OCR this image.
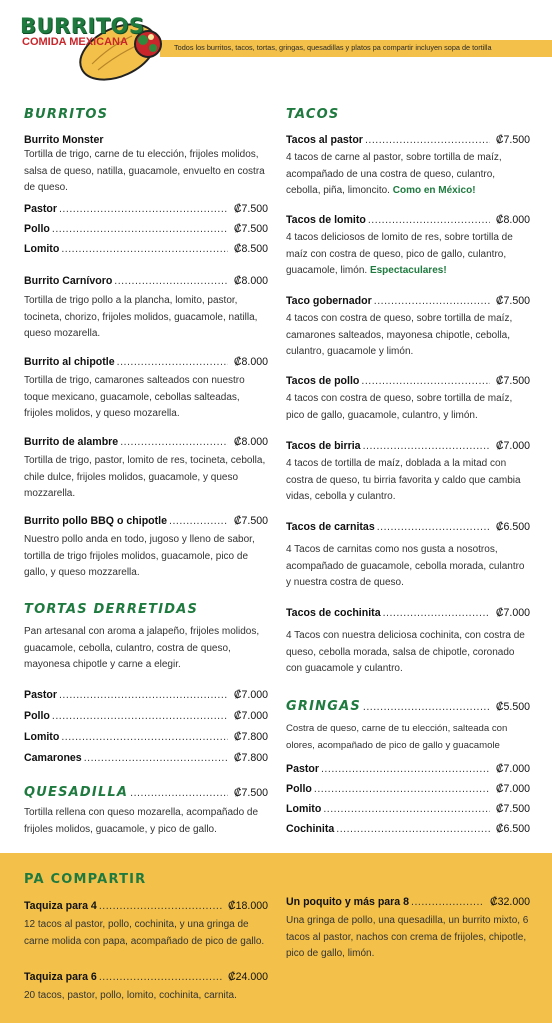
Todos los burritos, tacos, tortas, gringas, quesadillas y platos pa compartir incluyen sopa de tortilla
BURRITOS
COMIDA MEXICANA
BURRITOS
Burrito Monster

Tortilla de trigo, carne de tu elección, frijoles molidos, salsa de queso, natilla, guacamole, envuelto en costra de queso.

Pastor .....	₡7.500
Pollo .....	₡7.500
Lomito .....	₡8.500
Burrito Carnívoro .....	₡8.000

Tortilla de trigo pollo a la plancha, lomito, pastor, tocineta, chorizo, frijoles molidos, guacamole, natilla, queso mozarella.

Burrito al chipotle .....	₡8.000

Tortilla de trigo, camarones salteados con nuestro toque mexicano, guacamole, cebollas salteadas, frijoles molidos, y queso mozarella.

Burrito de alambre .....	₡8.000

Tortilla de trigo, pastor, lomito de res, tocineta, cebolla, chile dulce, frijoles molidos, guacamole, y queso mozzarella.

Burrito pollo BBQ o chipotle .....	₡7.500

Nuestro pollo anda en todo, jugoso y lleno de sabor, tortilla de trigo frijoles molidos, guacamole, pico de gallo, y queso mozzarella.

TORTAS DERRETIDAS

Pan artesanal con aroma a jalapeño, frijoles molidos, guacamole, cebolla, culantro, costra de queso, mayonesa chipotle y carne a elegir.

Pastor .....	₡7.000
Pollo .....	₡7.000
Lomito .....	₡7.800
Camarones .....	₡7.800
QUESADILLA .....	₡7.500

Tortilla rellena con queso mozarella, acompañado de frijoles molidos, guacamole, y pico de gallo.

TACOS
Tacos al pastor .....	₡7.500

4 tacos de carne al pastor, sobre tortilla de maíz, acompañado de una costra de queso, culantro, cebolla, piña, limoncito. Como en México!

Tacos de lomito .....	₡8.000

4 tacos deliciosos de lomito de res, sobre tortilla de maíz con costra de queso, pico de gallo, culantro, guacamole, limón. Espectaculares!

Taco gobernador .....	₡7.500

4 tacos con costra de queso, sobre tortilla de maíz, camarones salteados, mayonesa chipotle, cebolla, culantro, guacamole y limón.

Tacos de pollo .....	₡7.500

4 tacos con costra de queso, sobre tortilla de maíz, pico de gallo, guacamole, culantro, y limón.

Tacos de birria .....	₡7.000

4 tacos de tortilla de maíz, doblada a la mitad con costra de queso, tu birria favorita y caldo que cambia vidas, cebolla y culantro.

Tacos de carnitas .....	₡6.500

4 Tacos de carnitas como nos gusta a nosotros, acompañado de guacamole, cebolla morada, culantro y nuestra costra de queso.

Tacos de cochinita .....	₡7.000

4 Tacos con nuestra deliciosa cochinita, con costra de queso, cebolla morada, salsa de chipotle, coronado con guacamole y culantro.

GRINGAS .....	₡5.500

Costra de queso, carne de tu elección, salteada con olores, acompañado de pico de gallo y guacamole

Pastor .....	₡7.000
Pollo .....	₡7.000
Lomito .....	₡7.500
Cochinita .....	₡6.500
PA COMPARTIR
Taquiza para 4 .....	₡18.000

12 tacos al pastor, pollo, cochinita, y una gringa de carne molida con papa, acompañado de pico de gallo.

Taquiza para 6 .....	₡24.000

20 tacos, pastor, pollo, lomito, cochinita, carnita.

Un poquito y más para 8 .....	₡32.000

Una gringa de pollo, una quesadilla, un burrito mixto, 6 tacos al pastor, nachos con crema de frijoles, chipotle, pico de gallo, limón.
